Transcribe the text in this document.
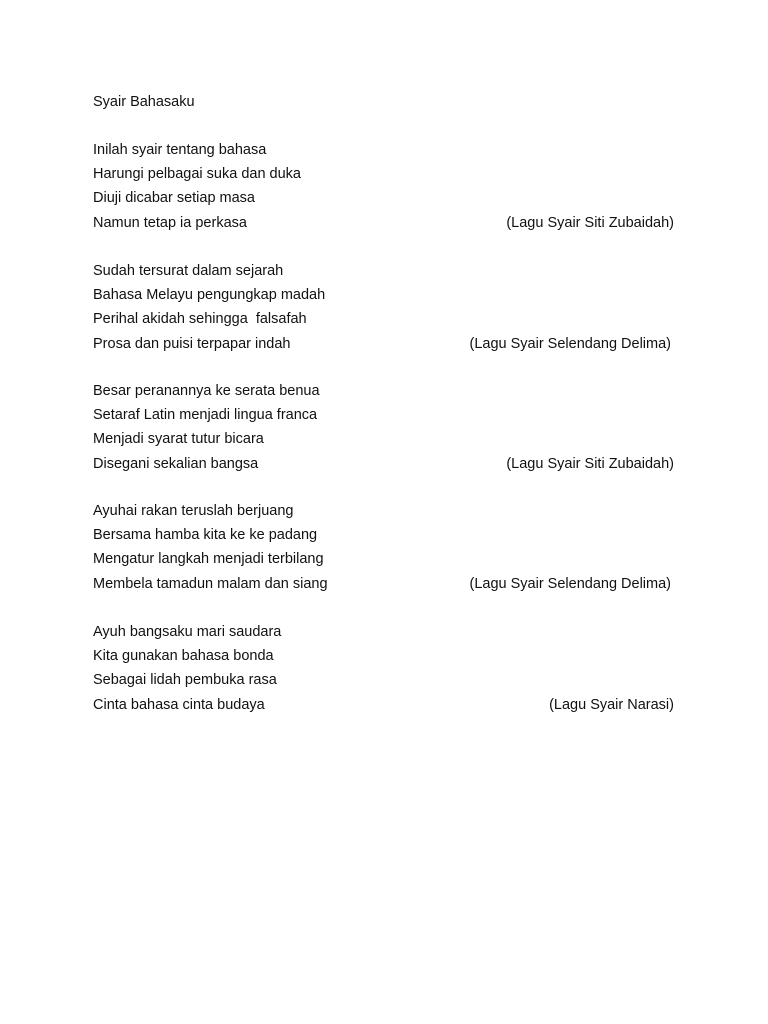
Syair Bahasaku
Inilah syair tentang bahasa
Harungi pelbagai suka dan duka
Diuji dicabar setiap masa
Namun tetap ia perkasa	(Lagu Syair Siti Zubaidah)
Sudah tersurat dalam sejarah
Bahasa Melayu pengungkap madah
Perihal akidah sehingga  falsafah
Prosa dan puisi terpapar indah	(Lagu Syair Selendang Delima)
Besar peranannya ke serata benua
Setaraf Latin menjadi lingua franca
Menjadi syarat tutur bicara
Disegani sekalian bangsa	(Lagu Syair Siti Zubaidah)
Ayuhai rakan teruslah berjuang
Bersama hamba kita ke ke padang
Mengatur langkah menjadi terbilang
Membela tamadun malam dan siang	(Lagu Syair Selendang Delima)
Ayuh bangsaku mari saudara
Kita gunakan bahasa bonda
Sebagai lidah pembuka rasa
Cinta bahasa cinta budaya	(Lagu Syair Narasi)
